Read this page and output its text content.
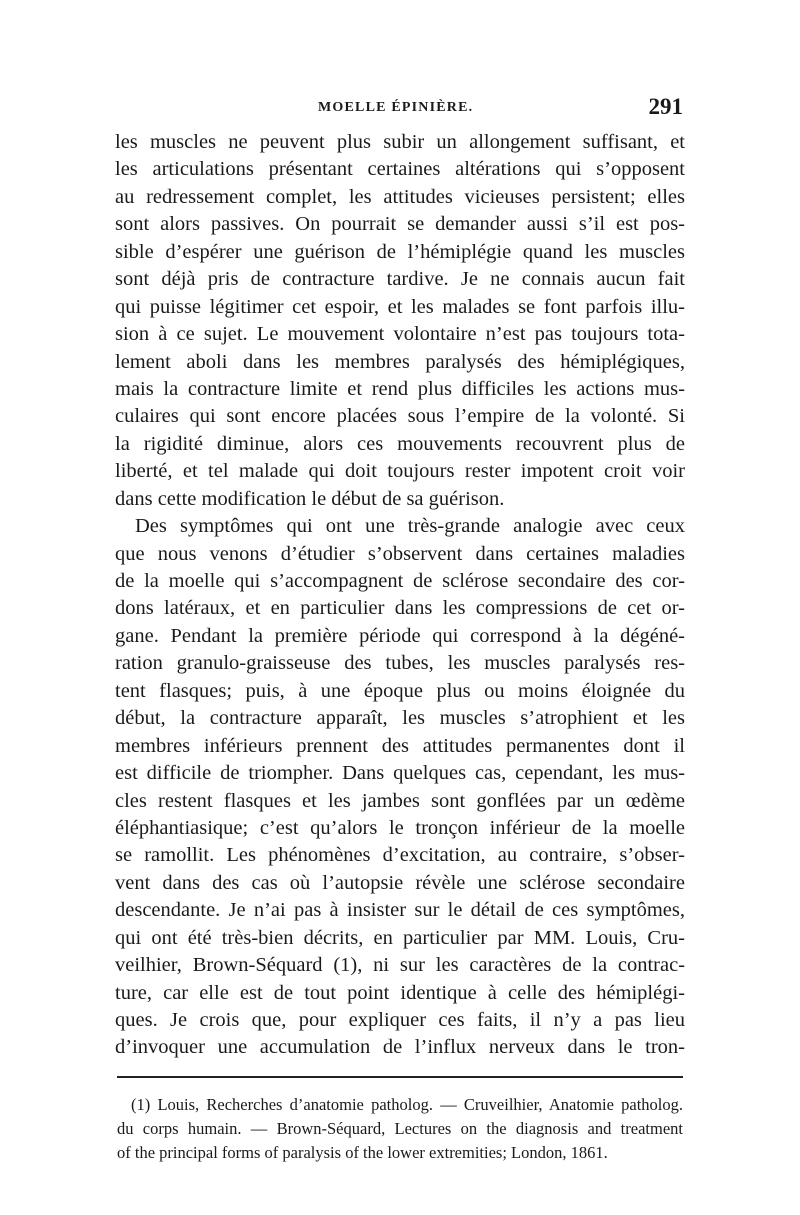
MOELLE ÉPINIÈRE.	291
les muscles ne peuvent plus subir un allongement suffisant, et
les articulations présentant certaines altérations qui s’opposent
au redressement complet, les attitudes vicieuses persistent; elles
sont alors passives. On pourrait se demander aussi s’il est pos-
sible d’espérer une guérison de l’hémiplégie quand les muscles
sont déjà pris de contracture tardive. Je ne connais aucun fait
qui puisse légitimer cet espoir, et les malades se font parfois illu-
sion à ce sujet. Le mouvement volontaire n’est pas toujours tota-
lement aboli dans les membres paralysés des hémiplégiques,
mais la contracture limite et rend plus difficiles les actions mus-
culaires qui sont encore placées sous l’empire de la volonté. Si
la rigidité diminue, alors ces mouvements recouvrent plus de
liberté, et tel malade qui doit toujours rester impotent croit voir
dans cette modification le début de sa guérison.
Des symptômes qui ont une très-grande analogie avec ceux
que nous venons d’étudier s’observent dans certaines maladies
de la moelle qui s’accompagnent de sclérose secondaire des cor-
dons latéraux, et en particulier dans les compressions de cet or-
gane. Pendant la première période qui correspond à la dégéné-
ration granulo-graisseuse des tubes, les muscles paralysés res-
tent flasques; puis, à une époque plus ou moins éloignée du
début, la contracture apparaît, les muscles s’atrophient et les
membres inférieurs prennent des attitudes permanentes dont il
est difficile de triompher. Dans quelques cas, cependant, les mus-
cles restent flasques et les jambes sont gonflées par un œdème
éléphantiasique; c’est qu’alors le tronçon inférieur de la moelle
se ramollit. Les phénomènes d’excitation, au contraire, s’obser-
vent dans des cas où l’autopsie révèle une sclérose secondaire
descendante. Je n’ai pas à insister sur le détail de ces symptômes,
qui ont été très-bien décrits, en particulier par MM. Louis, Cru-
veilhier, Brown-Séquard (1), ni sur les caractères de la contrac-
ture, car elle est de tout point identique à celle des hémiplégi-
ques. Je crois que, pour expliquer ces faits, il n’y a pas lieu
d’invoquer une accumulation de l’influx nerveux dans le tron-
(1) Louis, Recherches d’anatomie patholog. — Cruveilhier, Anatomie patholog.
du corps humain. — Brown-Séquard, Lectures on the diagnosis and treatment
of the principal forms of paralysis of the lower extremities; London, 1861.
